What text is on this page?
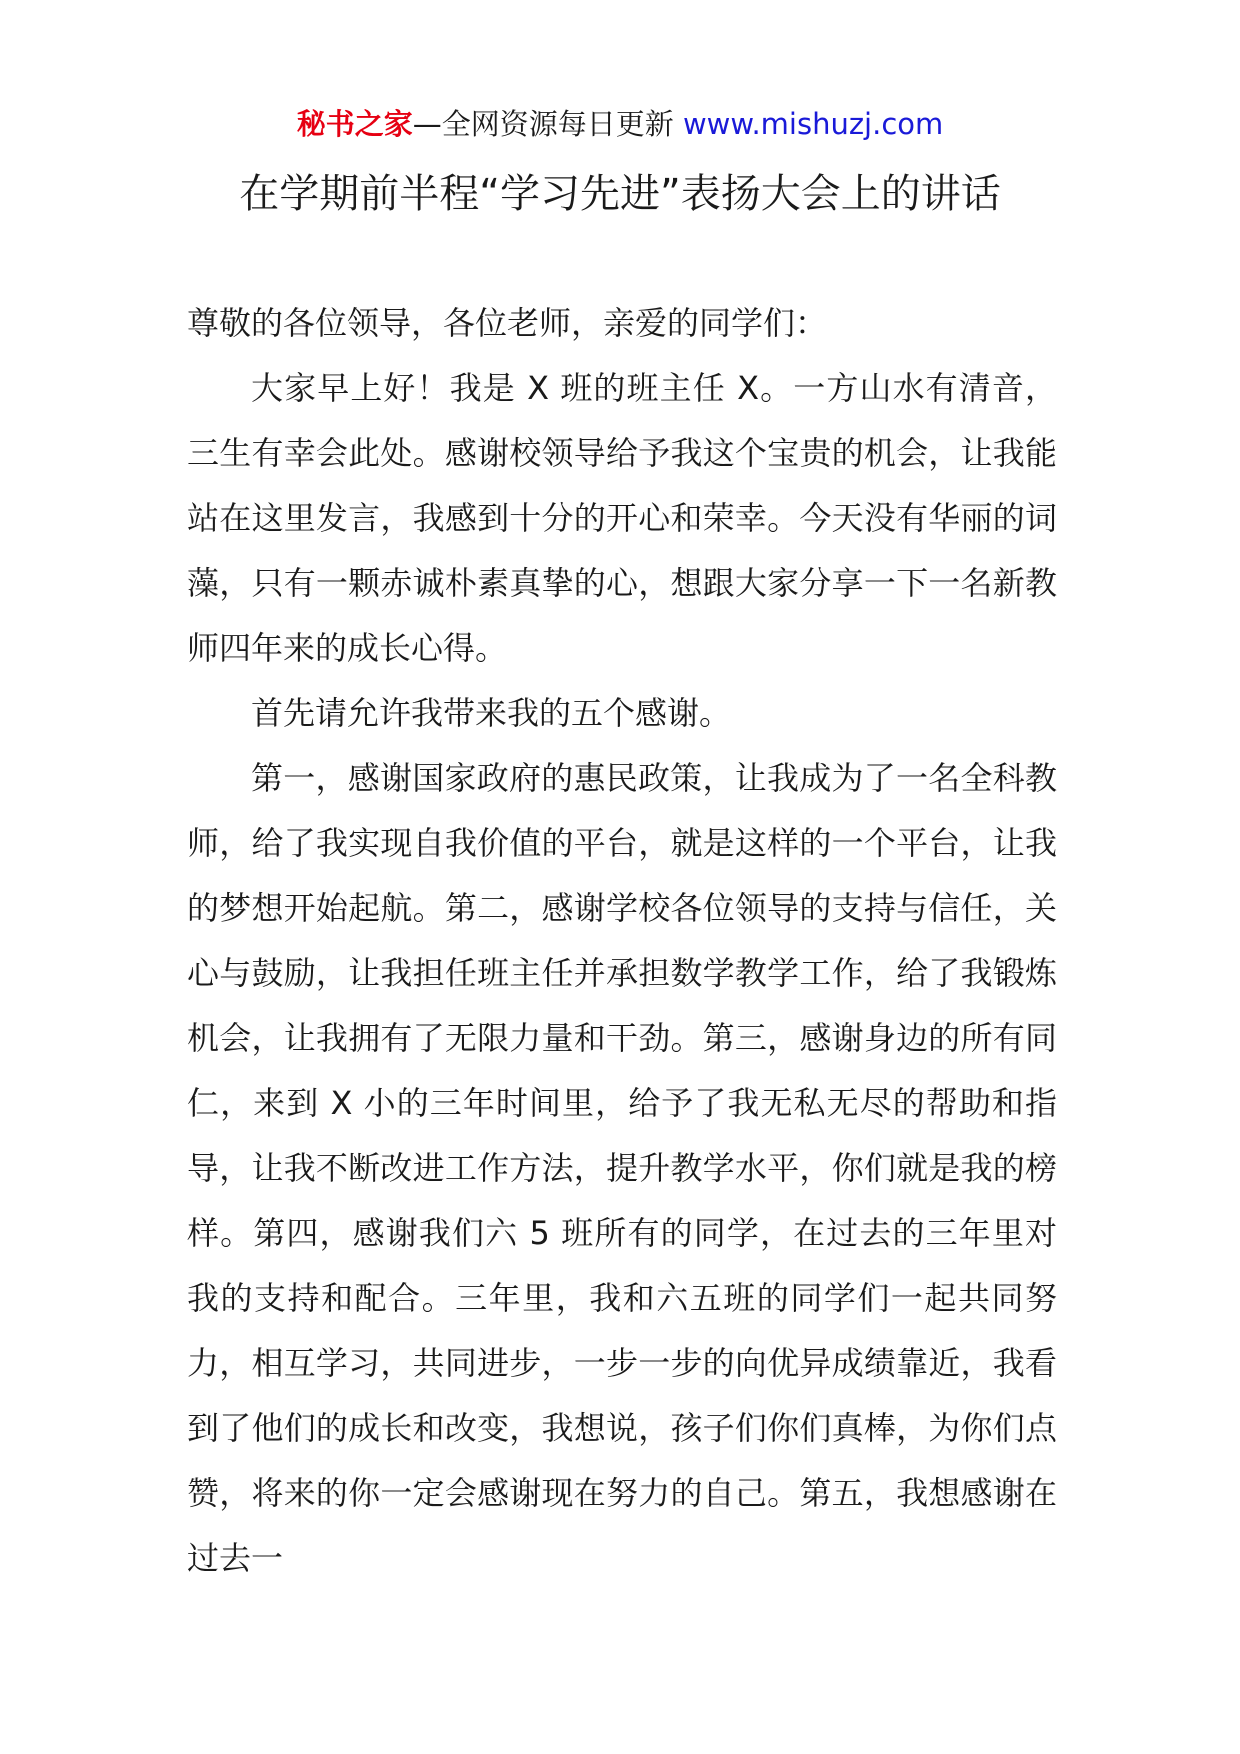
秘书之家—全网资源每日更新 www.mishuzj.com
在学期前半程“学习先进”表扬大会上的讲话

尊敬的各位领导，各位老师，亲爱的同学们：

大家早上好！我是 X 班的班主任 X。一方山水有清音，三生有幸会此处。感谢校领导给予我这个宝贵的机会，让我能站在这里发言，我感到十分的开心和荣幸。今天没有华丽的词藻，只有一颗赤诚朴素真挚的心，想跟大家分享一下一名新教师四年来的成长心得。

首先请允许我带来我的五个感谢。

第一，感谢国家政府的惠民政策，让我成为了一名全科教师，给了我实现自我价值的平台，就是这样的一个平台，让我的梦想开始起航。第二，感谢学校各位领导的支持与信任，关心与鼓励，让我担任班主任并承担数学教学工作，给了我锻炼机会，让我拥有了无限力量和干劲。第三，感谢身边的所有同仁，来到 X 小的三年时间里，给予了我无私无尽的帮助和指导，让我不断改进工作方法，提升教学水平，你们就是我的榜样。第四，感谢我们六 5 班所有的同学，在过去的三年里对我的支持和配合。三年里，我和六五班的同学们一起共同努力，相互学习，共同进步，一步一步的向优异成绩靠近，我看到了他们的成长和改变，我想说，孩子们你们真棒，为你们点赞，将来的你一定会感谢现在努力的自己。第五，我想感谢在过去一
